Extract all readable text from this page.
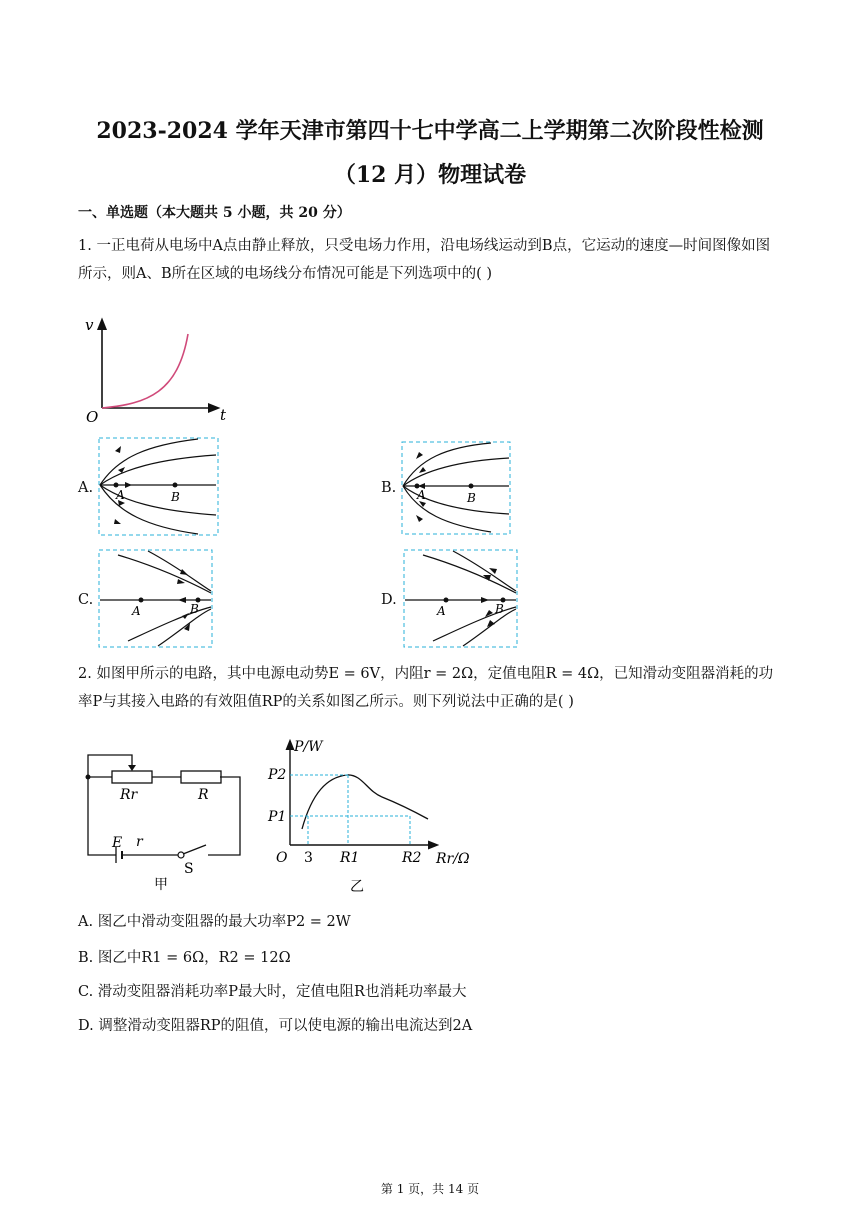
2023-2024 学年天津市第四十七中学高二上学期第二次阶段性检测
（12 月）物理试卷
一、单选题（本大题共 5 小题，共 20 分）
1. 一正电荷从电场中A点由静止释放，只受电场力作用，沿电场线运动到B点，它运动的速度—时间图像如图所示，则A、B所在区域的电场线分布情况可能是下列选项中的( )
v
t
O
A. A	B
B. A	B
C.
A	B
D.
A	B
2. 如图甲所示的电路，其中电源电动势E = 6V，内阻r = 2Ω，定值电阻R = 4Ω，已知滑动变阻器消耗的功率P与其接入电路的有效阻值RP的关系如图乙所示。则下列说法中正确的是( )
Rr	R
E r
S
甲
P/W
Rr/Ω
O
P2
P1
3 R1	R2
乙
A. 图乙中滑动变阻器的最大功率P2 = 2W
B. 图乙中R1 = 6Ω，R2 = 12Ω
C. 滑动变阻器消耗功率P最大时，定值电阻R也消耗功率最大
D. 调整滑动变阻器RP的阻值，可以使电源的输出电流达到2A
第 1 页，共 14 页
